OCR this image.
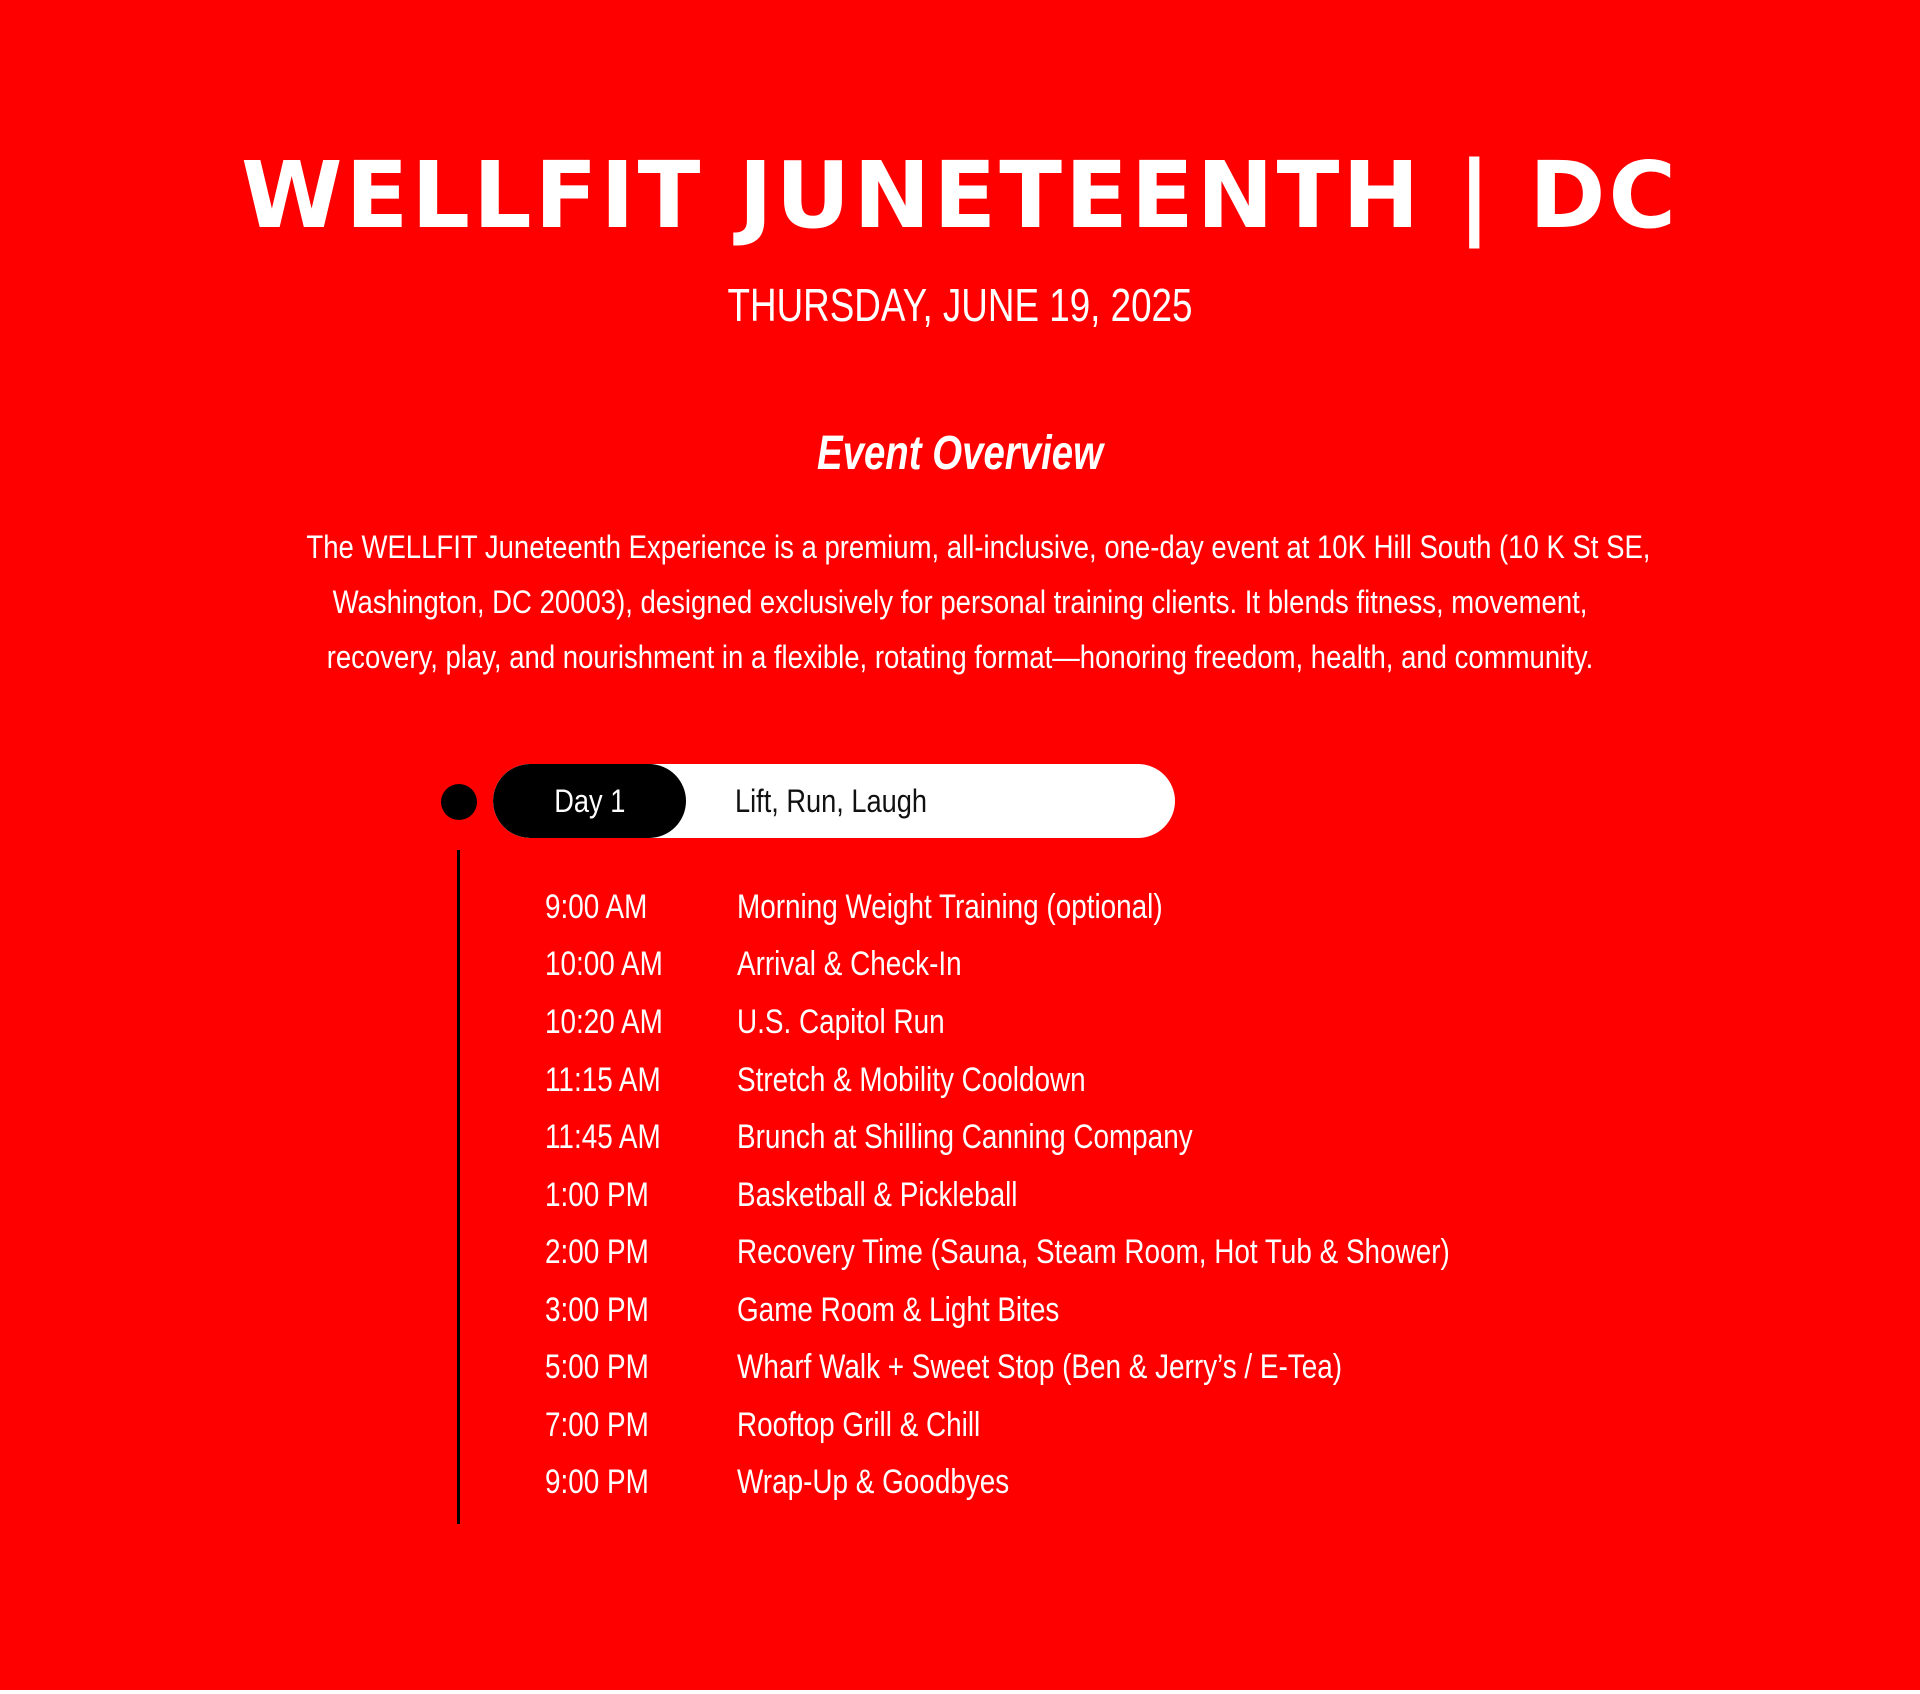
WELLFIT JUNETEENTH | DC
THURSDAY, JUNE 19, 2025
Event Overview
The WELLFIT Juneteenth Experience is a premium, all-inclusive, one-day event at 10K Hill South (10 K St SE,
Washington, DC 20003), designed exclusively for personal training clients. It blends fitness, movement,
recovery, play, and nourishment in a flexible, rotating format—honoring freedom, health, and community.
Day 1	Lift, Run, Laugh
9:00 AM	Morning Weight Training (optional)
10:00 AM Arrival & Check-In
10:20 AM U.S. Capitol Run
11:15 AM Stretch & Mobility Cooldown
11:45 AM Brunch at Shilling Canning Company
1:00 PM	Basketball & Pickleball
2:00 PM	Recovery Time (Sauna, Steam Room, Hot Tub & Shower)
3:00 PM	Game Room & Light Bites
5:00 PM	Wharf Walk + Sweet Stop (Ben & Jerry’s / E-Tea)
7:00 PM	Rooftop Grill & Chill
9:00 PM	Wrap-Up & Goodbyes
